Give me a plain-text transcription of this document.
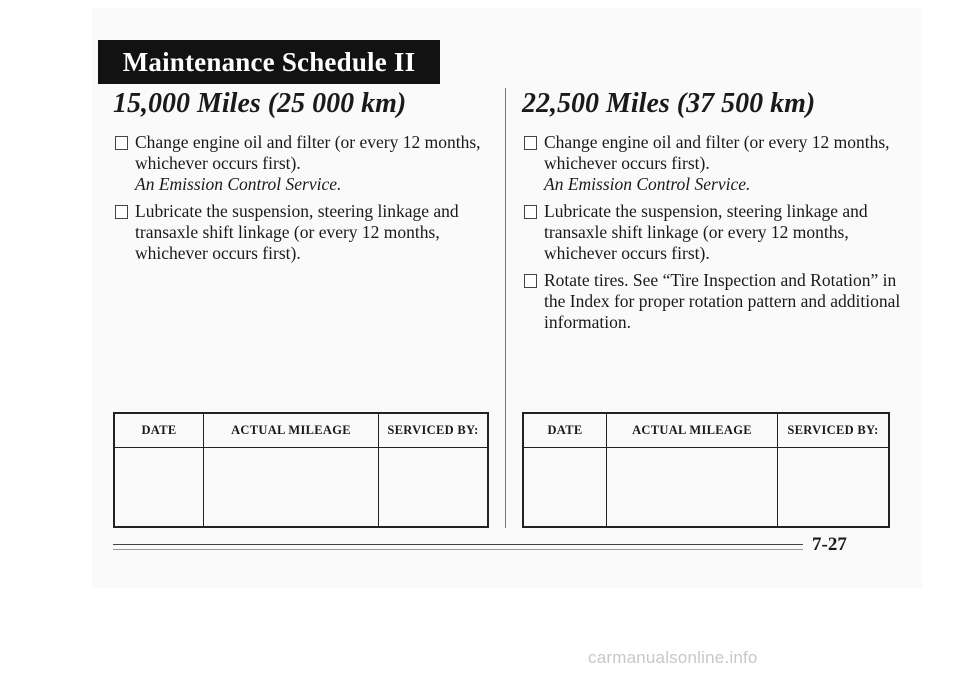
Maintenance Schedule II
15,000 Miles (25 000 km)
Change engine oil and filter (or every 12 months, whichever occurs first).
An Emission Control Service.
Lubricate the suspension, steering linkage and transaxle shift linkage (or every 12 months, whichever occurs first).
DATE	ACTUAL MILEAGE	SERVICED BY:

22,500 Miles (37 500 km)
Change engine oil and filter (or every 12 months, whichever occurs first).
An Emission Control Service.
Lubricate the suspension, steering linkage and transaxle shift linkage (or every 12 months, whichever occurs first).
Rotate tires. See “Tire Inspection and Rotation” in the Index for proper rotation pattern and additional information.
DATE	ACTUAL MILEAGE	SERVICED BY:

7-27
carmanualsonline.info
